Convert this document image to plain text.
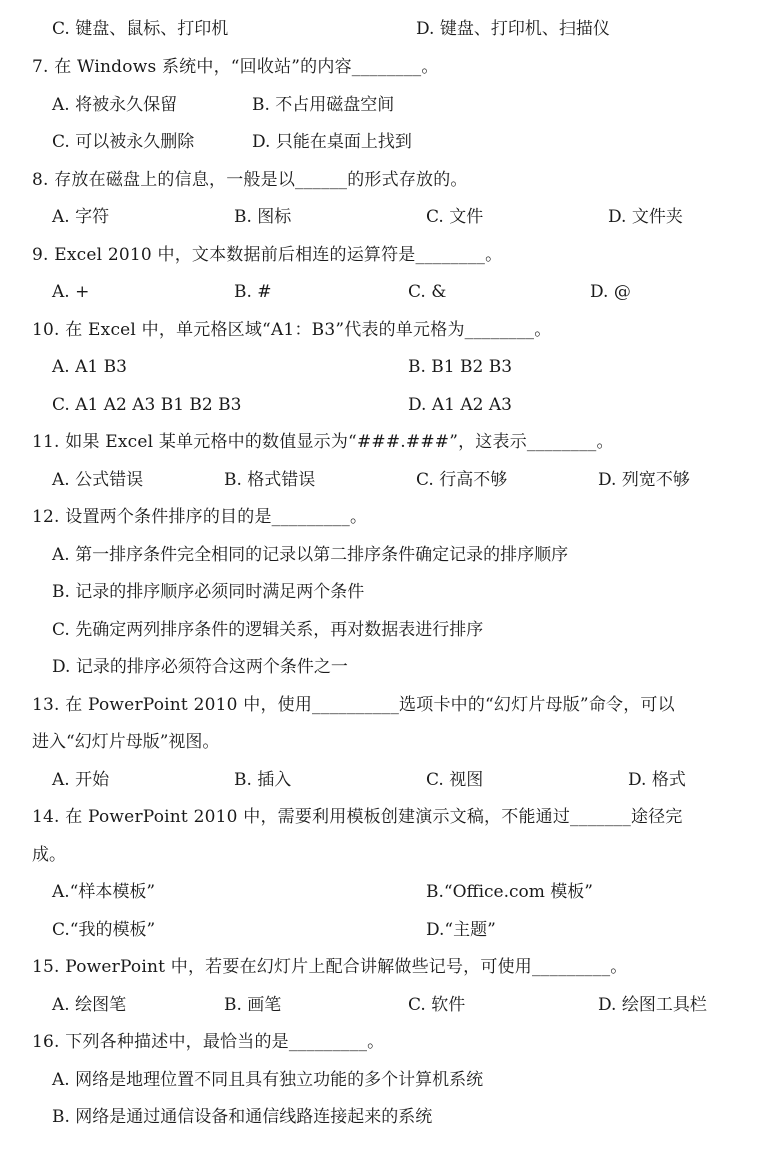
C. 键盘、鼠标、打印机	D. 键盘、打印机、扫描仪
7. 在 Windows 系统中，“回收站”的内容________。
A. 将被永久保留	B. 不占用磁盘空间
C. 可以被永久删除	D. 只能在桌面上找到
8. 存放在磁盘上的信息，一般是以______的形式存放的。
A. 字符	B. 图标	C. 文件	D. 文件夹
9. Excel 2010 中，文本数据前后相连的运算符是________。
A. +	B. #	C. &	D. @
10. 在 Excel 中，单元格区域“A1：B3”代表的单元格为________。
A. A1 B3	B. B1 B2 B3
C. A1 A2 A3 B1 B2 B3	D. A1 A2 A3
11. 如果 Excel 某单元格中的数值显示为“###.###”，这表示________。
A. 公式错误	B. 格式错误	C. 行高不够	D. 列宽不够
12. 设置两个条件排序的目的是_________。
A. 第一排序条件完全相同的记录以第二排序条件确定记录的排序顺序
B. 记录的排序顺序必须同时满足两个条件
C. 先确定两列排序条件的逻辑关系，再对数据表进行排序
D. 记录的排序必须符合这两个条件之一
13. 在 PowerPoint 2010 中，使用__________选项卡中的“幻灯片母版”命令，可以
进入“幻灯片母版”视图。
A. 开始	B. 插入	C. 视图	D. 格式
14. 在 PowerPoint 2010 中，需要利用模板创建演示文稿，不能通过_______途径完
成。
A.“样本模板”	B.“Office.com 模板”
C.“我的模板”	D.“主题”
15. PowerPoint 中，若要在幻灯片上配合讲解做些记号，可使用_________。
A. 绘图笔	B. 画笔	C. 软件	D. 绘图工具栏
16. 下列各种描述中，最恰当的是_________。
A. 网络是地理位置不同且具有独立功能的多个计算机系统
B. 网络是通过通信设备和通信线路连接起来的系统
